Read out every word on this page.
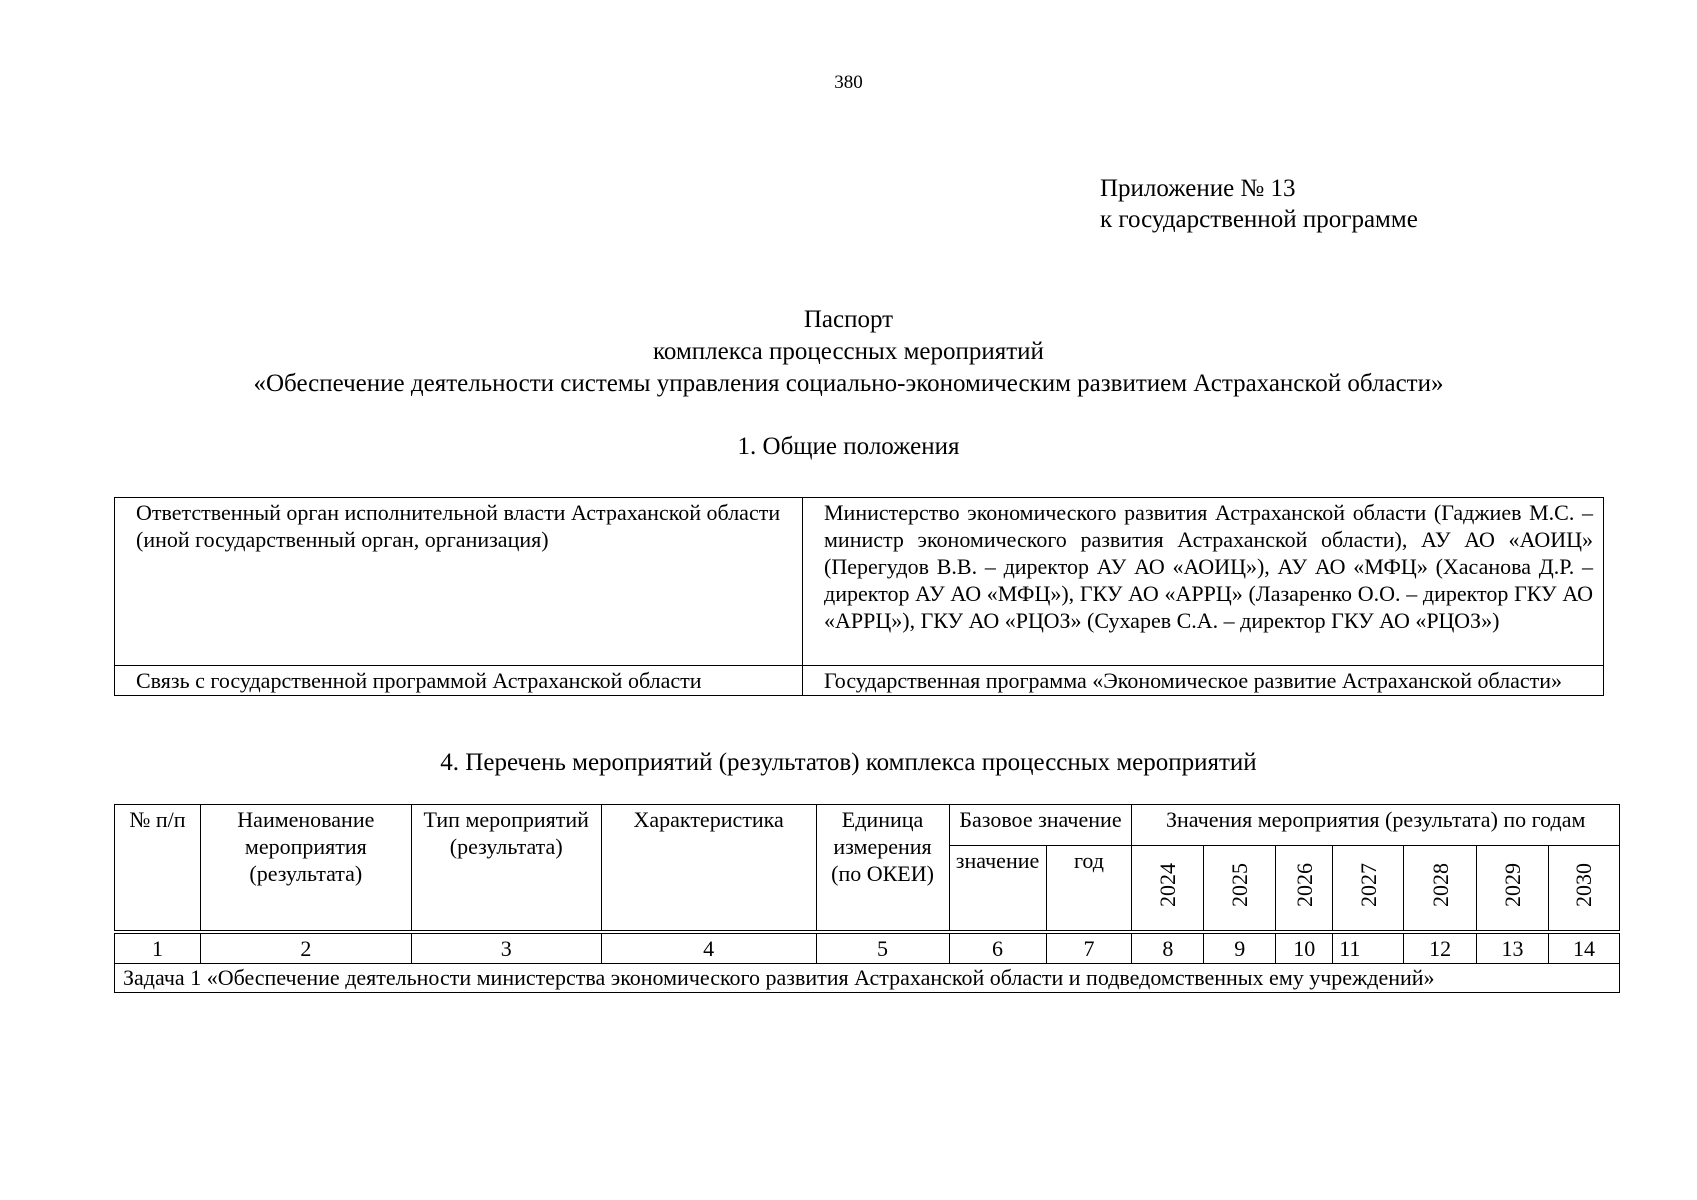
380
Приложение № 13
к государственной программе
Паспорт
комплекса процессных мероприятий
«Обеспечение деятельности системы управления социально-экономическим развитием Астраханской области»
1. Общие положения
Ответственный орган исполнительной власти Астраханской области (иной государственный орган, организация)	Министерство экономического развития Астраханской области (Гаджиев М.С. – министр экономического развития Астраханской области), АУ АО «АОИЦ» (Перегудов В.В. – директор АУ АО «АОИЦ»), АУ АО «МФЦ» (Хасанова Д.Р. – директор АУ АО «МФЦ»), ГКУ АО «АРРЦ» (Лазаренко О.О. – директор ГКУ АО «АРРЦ»), ГКУ АО «РЦОЗ» (Сухарев С.А. – директор ГКУ АО «РЦОЗ»)
Связь с государственной программой Астраханской области	Государственная программа «Экономическое развитие Астраханской области»
4. Перечень мероприятий (результатов) комплекса процессных мероприятий
№ п/п	Наименование мероприятия (результата)	Тип мероприятий (результата)	Характеристика	Единица измерения (по ОКЕИ)	Базовое значение		Значения мероприятия (результата) по годам						
							2024	2025	2026	2027	2028	2029	2030
					значение	год							
1	2	3	4	5	6	7	8	9	10	11	12	13	14
Задача 1 «Обеспечение деятельности министерства экономического развития Астраханской области и подведомственных ему учреждений»													
